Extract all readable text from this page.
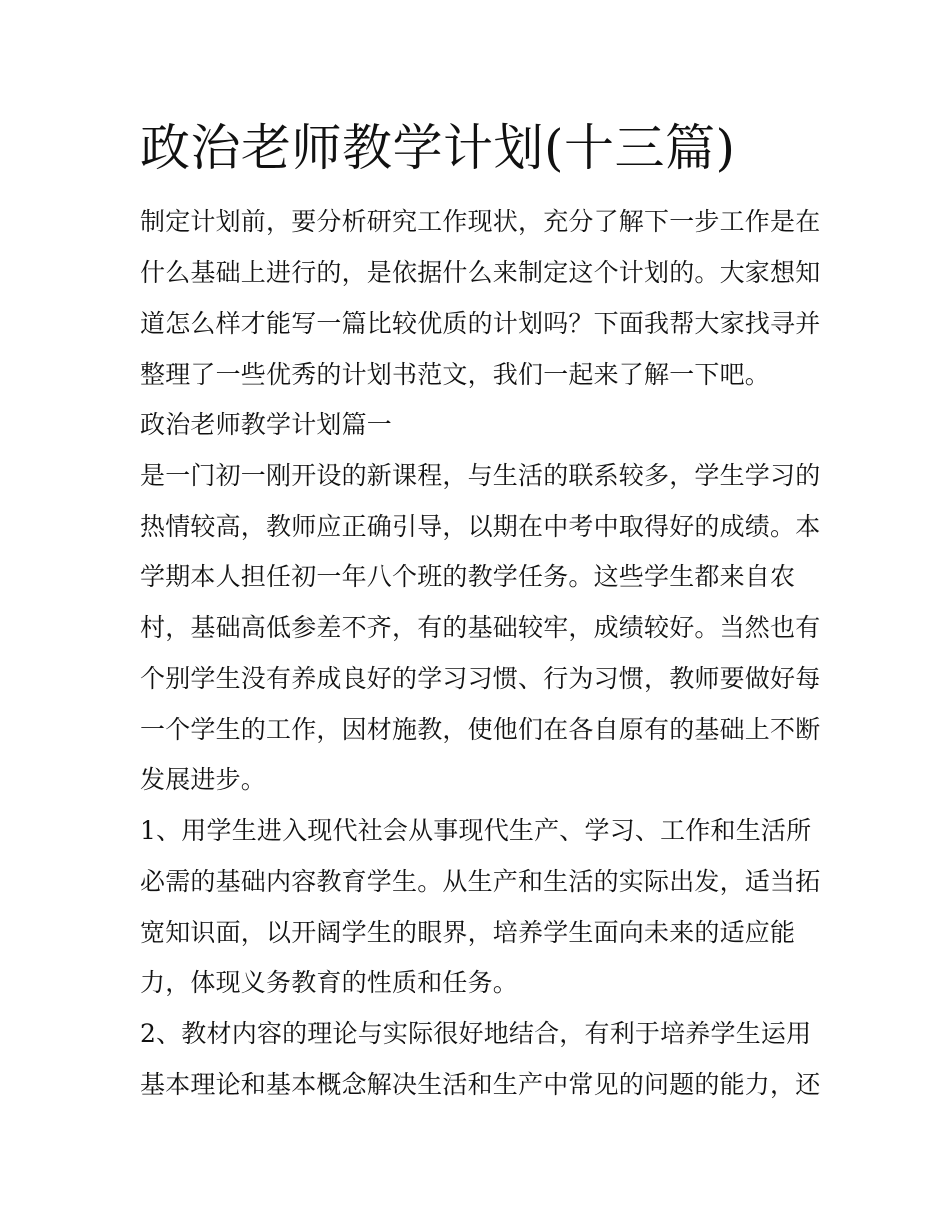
政治老师教学计划(十三篇)
制定计划前，要分析研究工作现状，充分了解下一步工作是在
什么基础上进行的，是依据什么来制定这个计划的。大家想知
道怎么样才能写一篇比较优质的计划吗？下面我帮大家找寻并
整理了一些优秀的计划书范文，我们一起来了解一下吧。
政治老师教学计划篇一
是一门初一刚开设的新课程，与生活的联系较多，学生学习的
热情较高，教师应正确引导，以期在中考中取得好的成绩。本
学期本人担任初一年八个班的教学任务。这些学生都来自农
村，基础高低参差不齐，有的基础较牢，成绩较好。当然也有
个别学生没有养成良好的学习习惯、行为习惯，教师要做好每
一个学生的工作，因材施教，使他们在各自原有的基础上不断
发展进步。
1、用学生进入现代社会从事现代生产、学习、工作和生活所
必需的基础内容教育学生。从生产和生活的实际出发，适当拓
宽知识面，以开阔学生的眼界，培养学生面向未来的适应能
力，体现义务教育的性质和任务。
2、教材内容的理论与实际很好地结合，有利于培养学生运用
基本理论和基本概念解决生活和生产中常见的问题的能力，还
